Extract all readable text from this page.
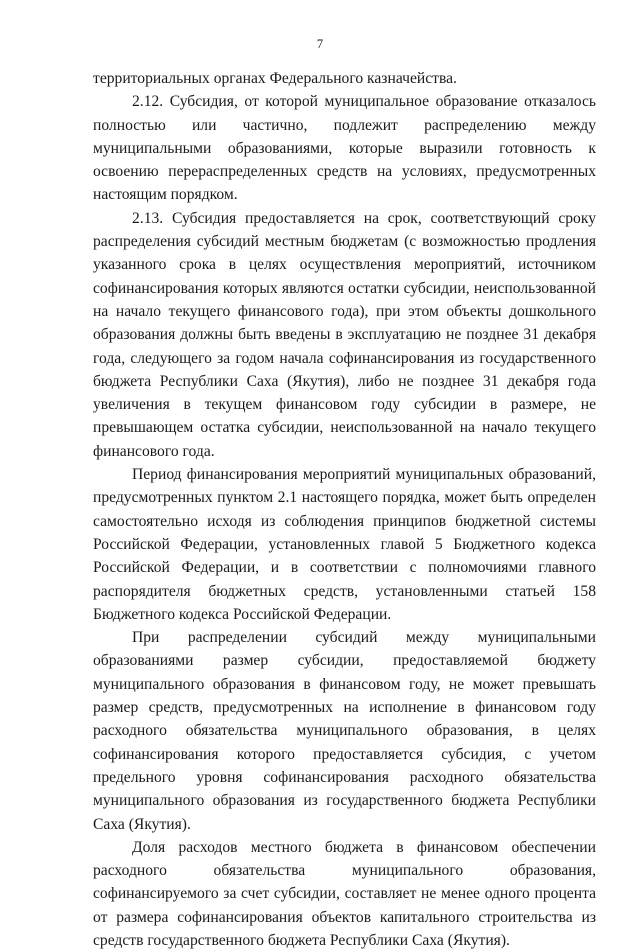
7

территориальных органах Федерального казначейства.

2.12. Субсидия, от которой муниципальное образование отказалось полностью или частично, подлежит распределению между муниципальными образованиями, которые выразили готовность к освоению перераспределенных средств на условиях, предусмотренных настоящим порядком.

2.13. Субсидия предоставляется на срок, соответствующий сроку распределения субсидий местным бюджетам (с возможностью продления указанного срока в целях осуществления мероприятий, источником софинансирования которых являются остатки субсидии, неиспользованной на начало текущего финансового года), при этом объекты дошкольного образования должны быть введены в эксплуатацию не позднее 31 декабря года, следующего за годом начала софинансирования из государственного бюджета Республики Саха (Якутия), либо не позднее 31 декабря года увеличения в текущем финансовом году субсидии в размере, не превышающем остатка субсидии, неиспользованной на начало текущего финансового года.

Период финансирования мероприятий муниципальных образований, предусмотренных пунктом 2.1 настоящего порядка, может быть определен самостоятельно исходя из соблюдения принципов бюджетной системы Российской Федерации, установленных главой 5 Бюджетного кодекса Российской Федерации, и в соответствии с полномочиями главного распорядителя бюджетных средств, установленными статьей 158 Бюджетного кодекса Российской Федерации.

При распределении субсидий между муниципальными образованиями размер субсидии, предоставляемой бюджету муниципального образования в финансовом году, не может превышать размер средств, предусмотренных на исполнение в финансовом году расходного обязательства муниципального образования, в целях софинансирования которого предоставляется субсидия, с учетом предельного уровня софинансирования расходного обязательства муниципального образования из государственного бюджета Республики Саха (Якутия).

Доля расходов местного бюджета в финансовом обеспечении расходного обязательства муниципального образования, софинансируемого за счет субсидии, составляет не менее одного процента от размера софинансирования объектов капитального строительства из средств государственного бюджета Республики Саха (Якутия).
